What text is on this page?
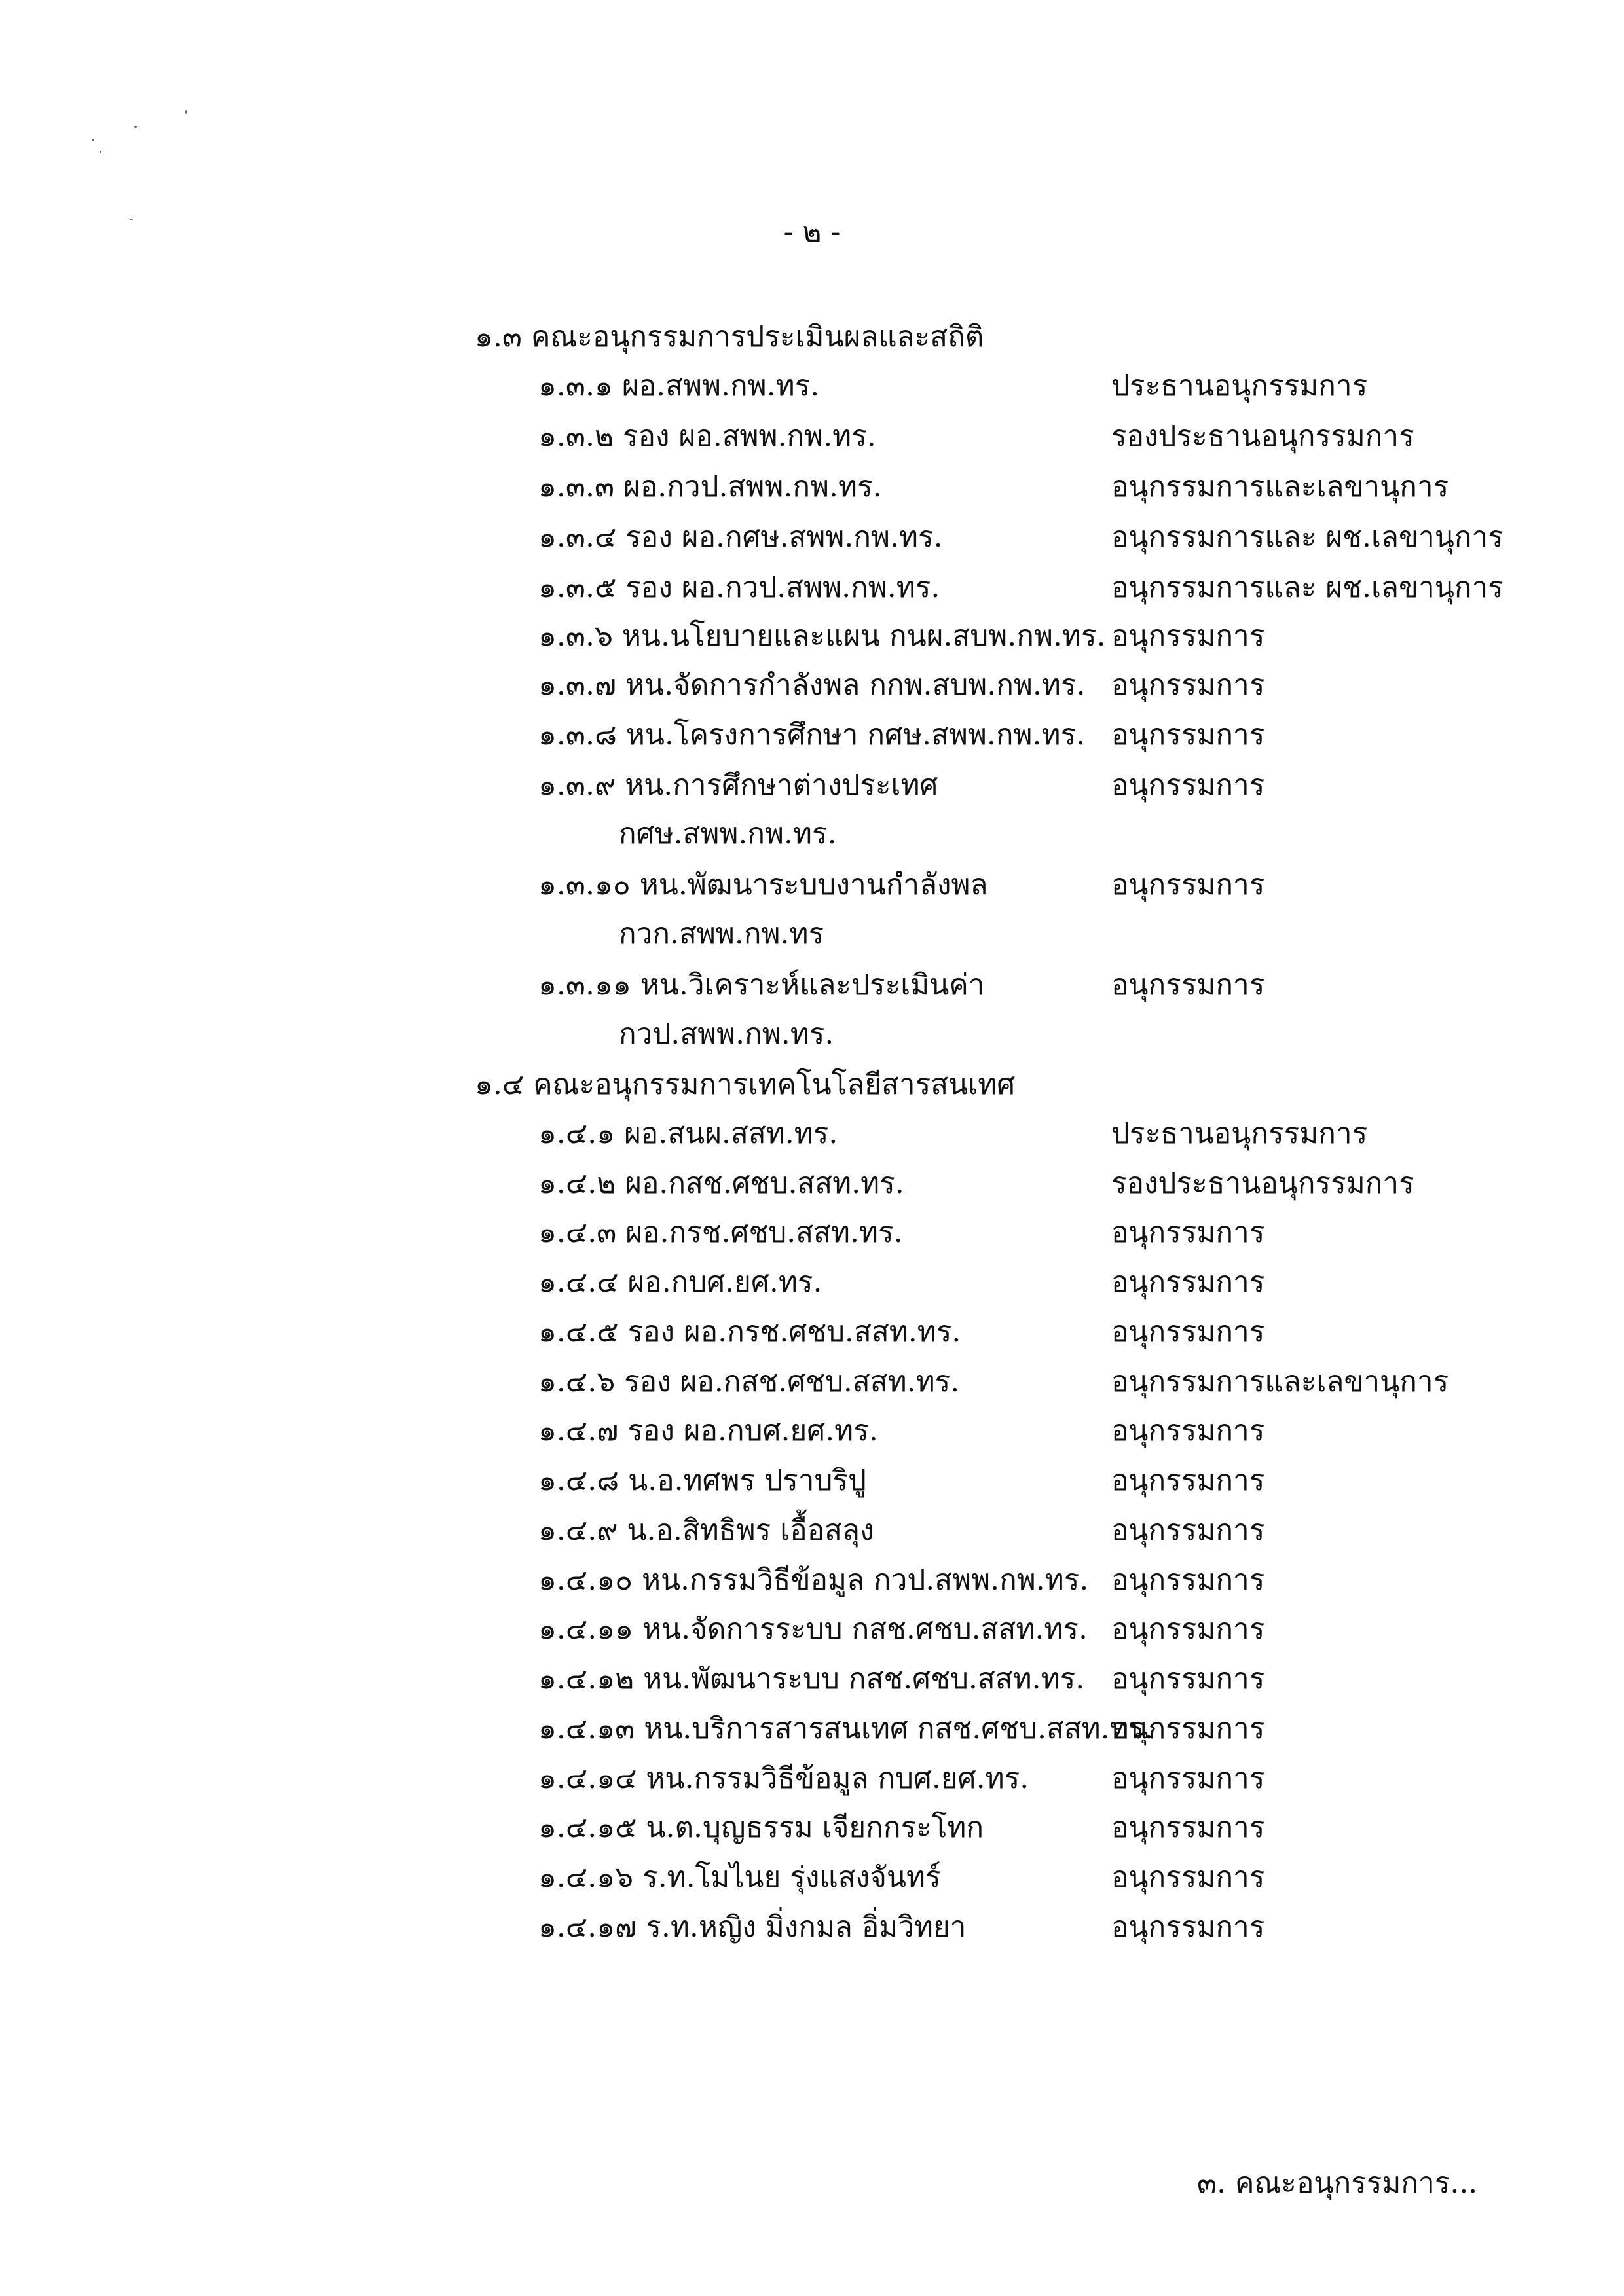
- ๒ -
๑.๓ คณะอนุกรรมการประเมินผลและสถิติ
๑.๓.๑ ผอ.สพพ.กพ.ทร.	ประธานอนุกรรมการ
๑.๓.๒ รอง ผอ.สพพ.กพ.ทร.	รองประธานอนุกรรมการ
๑.๓.๓ ผอ.กวป.สพพ.กพ.ทร.	อนุกรรมการและเลขานุการ
๑.๓.๔ รอง ผอ.กศษ.สพพ.กพ.ทร.	อนุกรรมการและ ผช.เลขานุการ
๑.๓.๕ รอง ผอ.กวป.สพพ.กพ.ทร.	อนุกรรมการและ ผช.เลขานุการ
๑.๓.๖ หน.นโยบายและแผน กนผ.สบพ.กพ.ทร. อนุกรรมการ
๑.๓.๗ หน.จัดการกำลังพล กกพ.สบพ.กพ.ทร. อนุกรรมการ
๑.๓.๘ หน.โครงการศึกษา กศษ.สพพ.กพ.ทร. อนุกรรมการ
๑.๓.๙ หน.การศึกษาต่างประเทศ	อนุกรรมการ
กศษ.สพพ.กพ.ทร.
๑.๓.๑๐ หน.พัฒนาระบบงานกำลังพล	อนุกรรมการ
กวก.สพพ.กพ.ทร
๑.๓.๑๑ หน.วิเคราะห์และประเมินค่า	อนุกรรมการ
กวป.สพพ.กพ.ทร.
๑.๔ คณะอนุกรรมการเทคโนโลยีสารสนเทศ
๑.๔.๑ ผอ.สนผ.สสท.ทร.	ประธานอนุกรรมการ
๑.๔.๒ ผอ.กสช.ศชบ.สสท.ทร.	รองประธานอนุกรรมการ
๑.๔.๓ ผอ.กรช.ศชบ.สสท.ทร.	อนุกรรมการ
๑.๔.๔ ผอ.กบศ.ยศ.ทร.	อนุกรรมการ
๑.๔.๕ รอง ผอ.กรช.ศชบ.สสท.ทร.	อนุกรรมการ
๑.๔.๖ รอง ผอ.กสช.ศชบ.สสท.ทร.	อนุกรรมการและเลขานุการ
๑.๔.๗ รอง ผอ.กบศ.ยศ.ทร.	อนุกรรมการ
๑.๔.๘ น.อ.ทศพร ปราบริปู	อนุกรรมการ
๑.๔.๙ น.อ.สิทธิพร เอื้อสลุง	อนุกรรมการ
๑.๔.๑๐ หน.กรรมวิธีข้อมูล กวป.สพพ.กพ.ทร. อนุกรรมการ
๑.๔.๑๑ หน.จัดการระบบ กสช.ศชบ.สสท.ทร. อนุกรรมการ
๑.๔.๑๒ หน.พัฒนาระบบ กสช.ศชบ.สสท.ทร. อนุกรรมการ
๑.๔.๑๓ หน.บริการสารสนเทศ กสช.ศชบ.สสท.ทร.
อนุกรรมการ
๑.๔.๑๔ หน.กรรมวิธีข้อมูล กบศ.ยศ.ทร.	อนุกรรมการ
๑.๔.๑๕ น.ต.บุญธรรม เจียกกระโทก	อนุกรรมการ
๑.๔.๑๖ ร.ท.โมไนย รุ่งแสงจันทร์	อนุกรรมการ
๑.๔.๑๗ ร.ท.หญิง มิ่งกมล อิ่มวิทยา	อนุกรรมการ
๓. คณะอนุกรรมการ...
